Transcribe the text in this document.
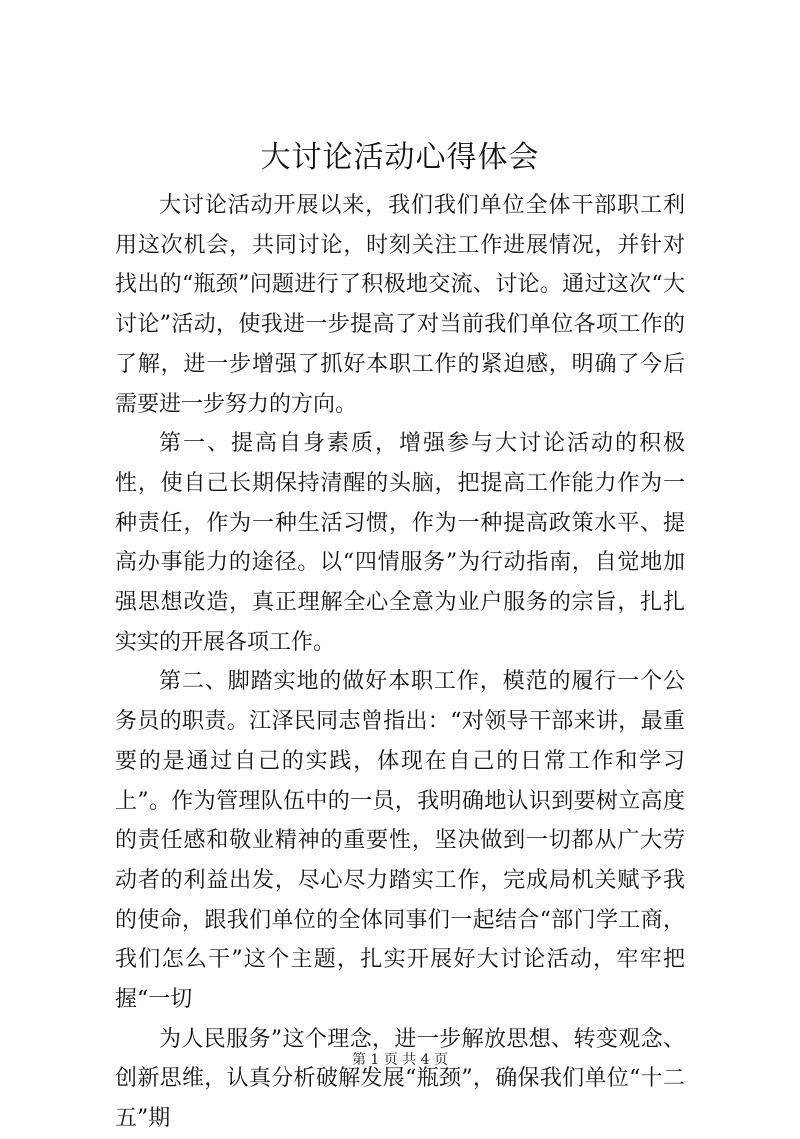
大讨论活动心得体会

大讨论活动开展以来，我们我们单位全体干部职工利用这次机会，共同讨论，时刻关注工作进展情况，并针对找出的“瓶颈”问题进行了积极地交流、讨论。通过这次“大讨论”活动，使我进一步提高了对当前我们单位各项工作的了解，进一步增强了抓好本职工作的紧迫感，明确了今后需要进一步努力的方向。

第一、提高自身素质，增强参与大讨论活动的积极性，使自己长期保持清醒的头脑，把提高工作能力作为一种责任，作为一种生活习惯，作为一种提高政策水平、提高办事能力的途径。以“四情服务”为行动指南，自觉地加强思想改造，真正理解全心全意为业户服务的宗旨，扎扎实实的开展各项工作。

第二、脚踏实地的做好本职工作，模范的履行一个公务员的职责。江泽民同志曾指出：“对领导干部来讲，最重要的是通过自己的实践，体现在自己的日常工作和学习上”。作为管理队伍中的一员，我明确地认识到要树立高度的责任感和敬业精神的重要性，坚决做到一切都从广大劳动者的利益出发，尽心尽力踏实工作，完成局机关赋予我的使命，跟我们单位的全体同事们一起结合“部门学工商，我们怎么干”这个主题，扎实开展好大讨论活动，牢牢把握“一切

为人民服务”这个理念，进一步解放思想、转变观念、创新思维，认真分析破解发展“瓶颈”，确保我们单位“十二五”期

第 1 页 共 4 页
